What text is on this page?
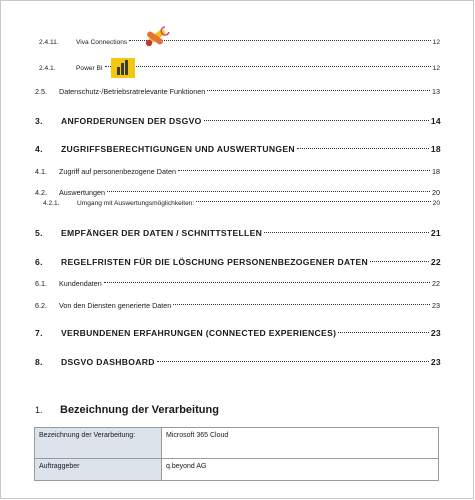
2.4.11.	Viva Connections	12
2.4.1.	Power BI	12
2.5.	Datenschutz-/Betriebsratrelevante Funktionen	13
3.	ANFORDERUNGEN DER DSGVO	14
4.	ZUGRIFFSBERECHTIGUNGEN UND AUSWERTUNGEN	18
4.1.	Zugriff auf personenbezogene Daten	18
4.2.	Auswertungen	20
4.2.1.	Umgang mit Auswertungsmöglichkeiten:	20
5.	EMPFÄNGER DER DATEN / SCHNITTSTELLEN	21
6.	REGELFRISTEN FÜR DIE LÖSCHUNG PERSONENBEZOGENER DATEN	22
6.1.	Kundendaten	22
6.2.	Von den Diensten generierte Daten	23
7.	VERBUNDENEN ERFAHRUNGEN (CONNECTED EXPERIENCES)	23
8.	DSGVO DASHBOARD	23
1.	Bezeichnung der Verarbeitung
Bezeichnung der Verarbeitung:	Microsoft 365 Cloud
Auftraggeber	q.beyond AG
